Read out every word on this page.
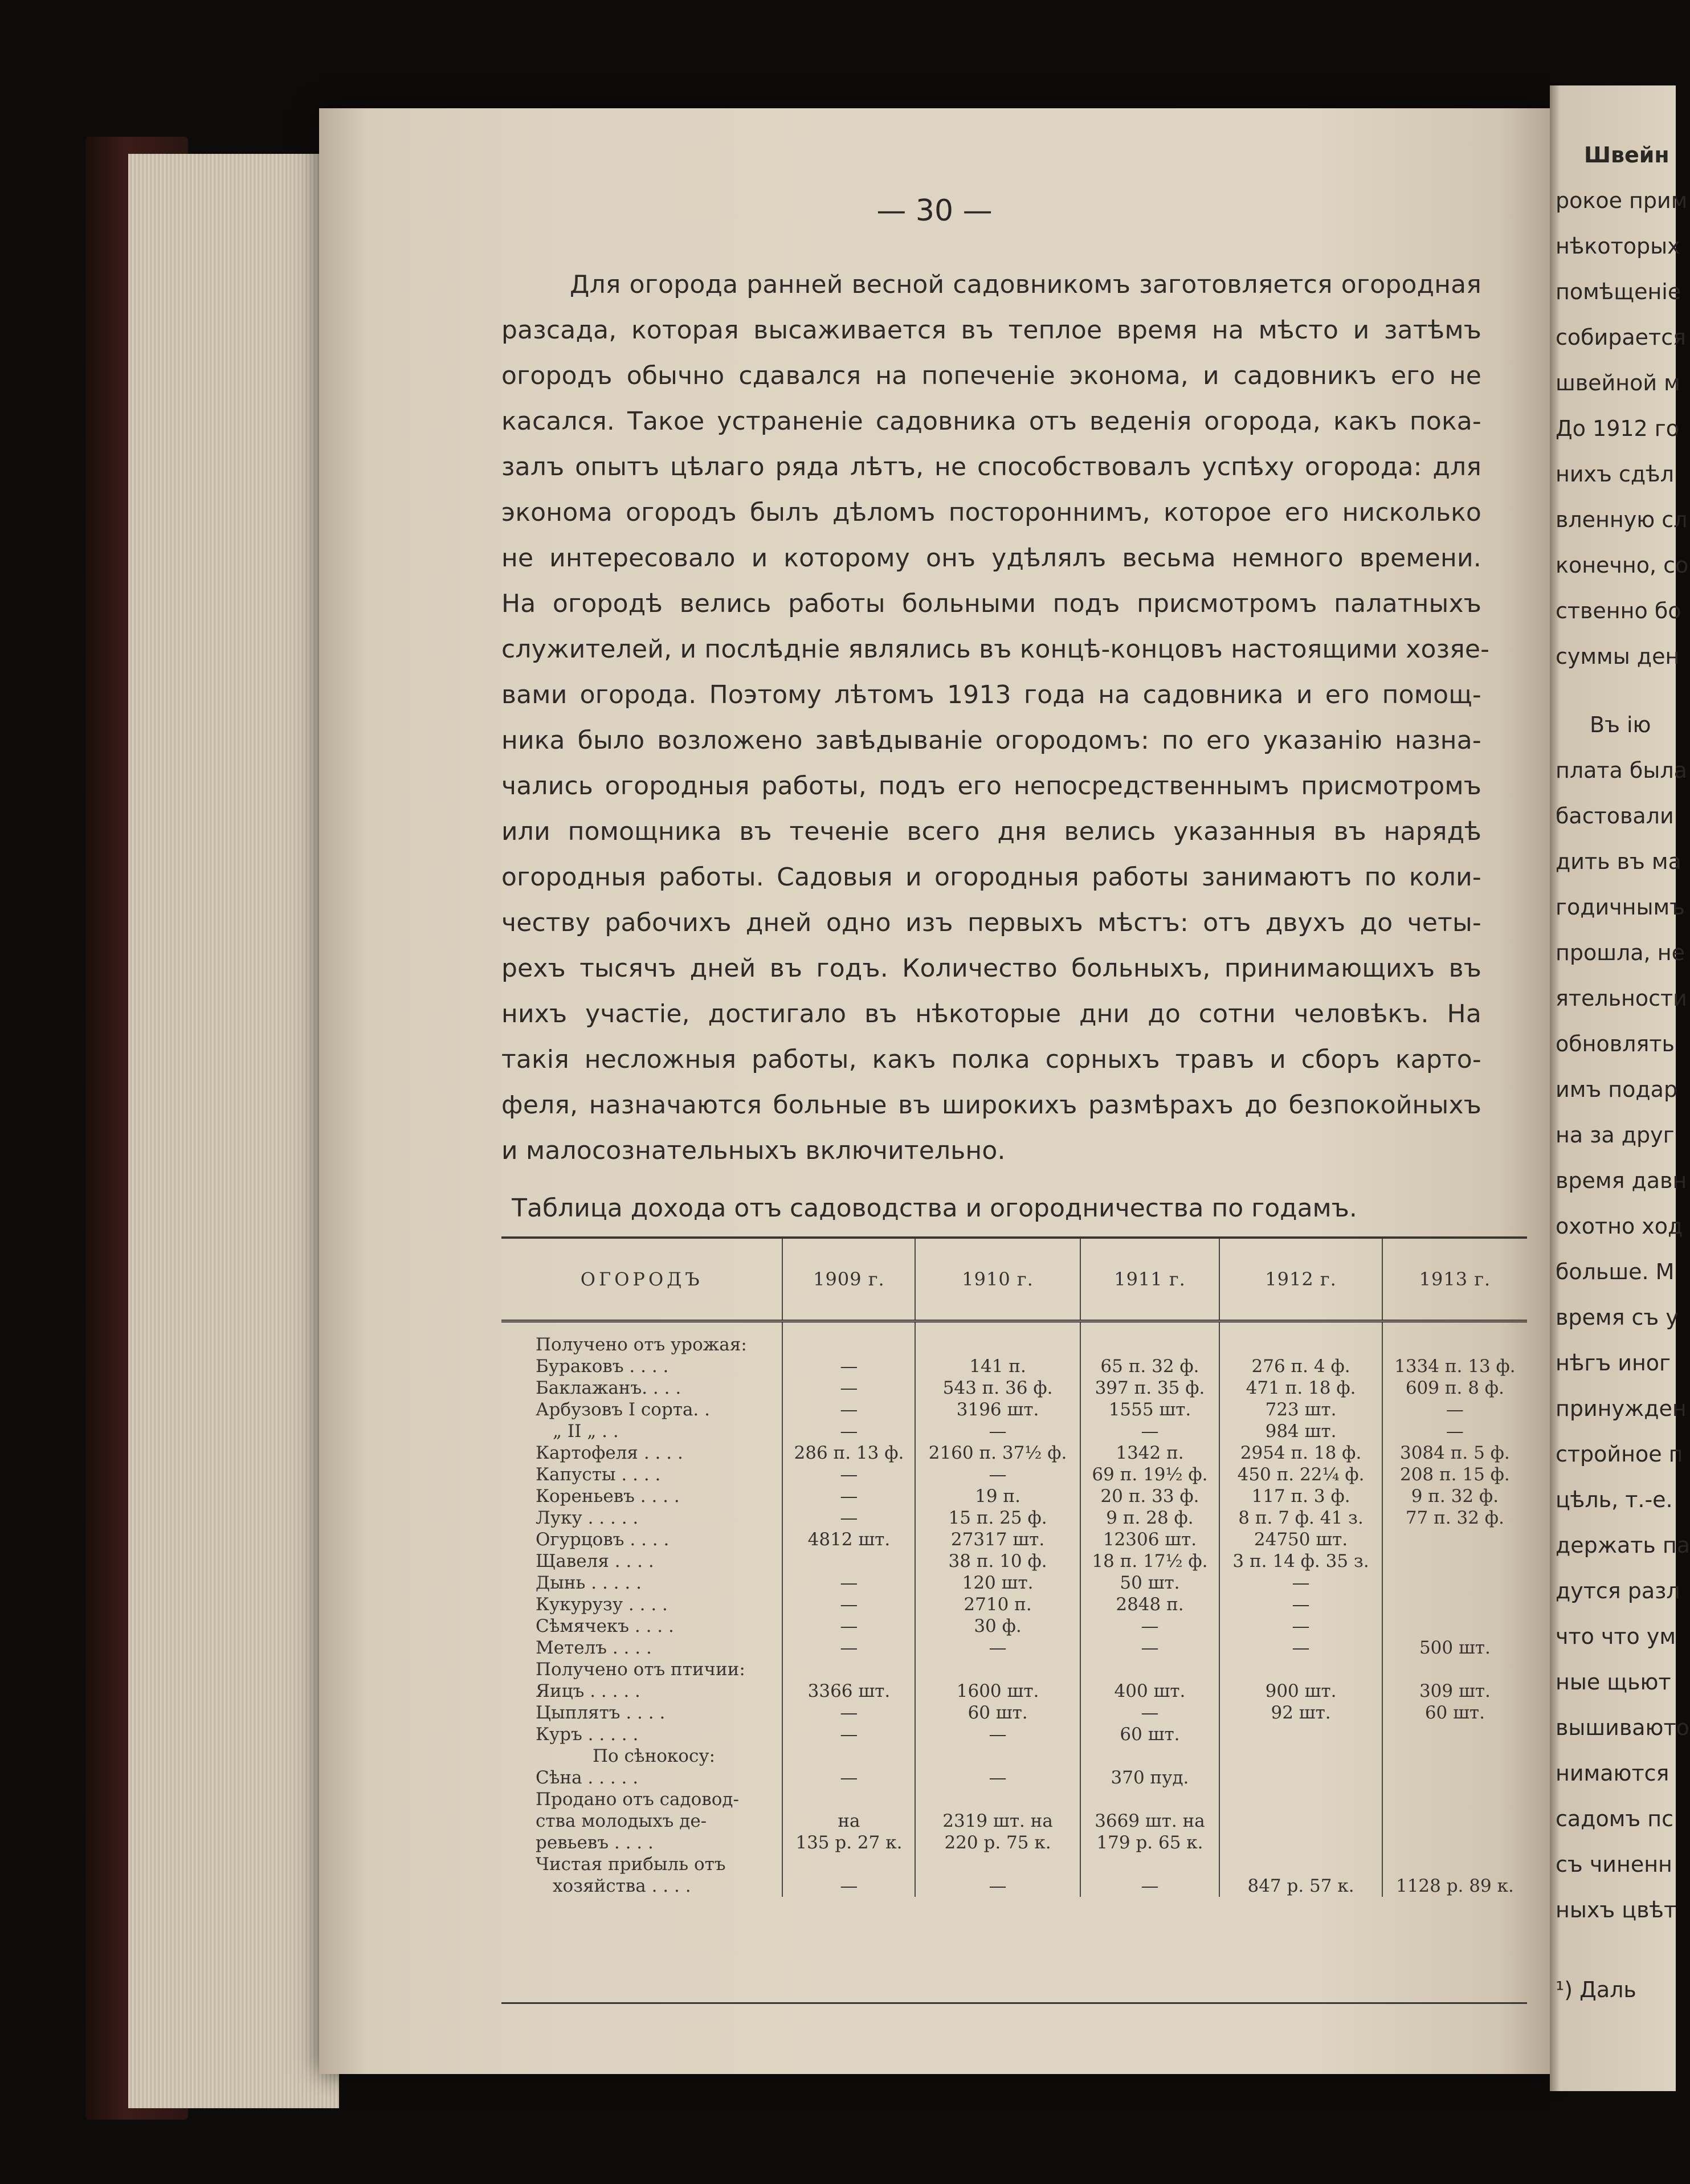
— 30 —
Для огорода ранней весной садовникомъ заготовляется огородная
разсада, которая высаживается въ теплое время на мѣсто и затѣмъ
огородъ обычно сдавался на попеченіе эконома, и садовникъ его не
касался. Такое устраненіе садовника отъ веденія огорода, какъ пока-
залъ опытъ цѣлаго ряда лѣтъ, не способствовалъ успѣху огорода: для
эконома огородъ былъ дѣломъ постороннимъ, которое его нисколько
не интересовало и которому онъ удѣлялъ весьма немного времени.
На огородѣ велись работы больными подъ присмотромъ палатныхъ
служителей, и послѣдніе являлись въ концѣ-концовъ настоящими хозяе-
вами огорода. Поэтому лѣтомъ 1913 года на садовника и его помощ-
ника было возложено завѣдываніе огородомъ: по его указанію назна-
чались огородныя работы, подъ его непосредственнымъ присмотромъ
или помощника въ теченіе всего дня велись указанныя въ нарядѣ
огородныя работы. Садовыя и огородныя работы занимаютъ по коли-
честву рабочихъ дней одно изъ первыхъ мѣстъ: отъ двухъ до четы-
рехъ тысячъ дней въ годъ. Количество больныхъ, принимающихъ въ
нихъ участіе, достигало въ нѣкоторые дни до сотни человѣкъ. На
такія несложныя работы, какъ полка сорныхъ травъ и сборъ карто-
феля, назначаются больные въ широкихъ размѣрахъ до безпокойныхъ
и малосознательныхъ включительно.
Таблица дохода отъ садоводства и огородничества по годамъ.
ОГОРОДЪ	1909 г.	1910 г.	1911 г.	1912 г.	1913 г.

Получено отъ урожая:					
Бураковъ . . . .	—	141 п.	65 п. 32 ф.	276 п. 4 ф.	1334 п. 13 ф.
Баклажанъ. . . .	—	543 п. 36 ф.	397 п. 35 ф.	471 п. 18 ф.	609 п. 8 ф.
Арбузовъ I сорта. .	—	3196 шт.	1555 шт.	723 шт.	—
„ II „ . .	—	—	—	984 шт.	—
Картофеля . . . .	286 п. 13 ф.	2160 п. 37½ ф.	1342 п.	2954 п. 18 ф.	3084 п. 5 ф.
Капусты . . . .	—	—	69 п. 19½ ф.	450 п. 22¼ ф.	208 п. 15 ф.
Кореньевъ . . . .	—	19 п.	20 п. 33 ф.	117 п. 3 ф.	9 п. 32 ф.
Луку . . . . .	—	15 п. 25 ф.	9 п. 28 ф.	8 п. 7 ф. 41 з.	77 п. 32 ф.
Огурцовъ . . . .	4812 шт.	27317 шт.	12306 шт.	24750 шт.	
Щавеля . . . .		38 п. 10 ф.	18 п. 17½ ф.	3 п. 14 ф. 35 з.	
Дынь . . . . .	—	120 шт.	50 шт.	—	
Кукурузу . . . .	—	2710 п.	2848 п.	—	
Сѣмячекъ . . . .	—	30 ф.	—	—	
Метелъ . . . .	—	—	—	—	500 шт.
Получено отъ птичии:					
Яицъ . . . . .	3366 шт.	1600 шт.	400 шт.	900 шт.	309 шт.
Цыплятъ . . . .	—	60 шт.	—	92 шт.	60 шт.
Куръ . . . . .	—	—	60 шт.		
По сѣнокосу:					
Сѣна . . . . .	—	—	370 пуд.		
Продано отъ садовод-					
ства молодыхъ де-	на	2319 шт. на	3669 шт. на		
ревьевъ . . . .	135 р. 27 к.	220 р. 75 к.	179 р. 65 к.		
Чистая прибыль отъ					
хозяйства . . . .	—	—	—	847 р. 57 к.	1128 р. 89 к.
Швейн
рокое прим
нѣкоторых
помѣщеніе
собирается
швейной м
До 1912 го
нихъ сдѣл
вленную сл
конечно, со
ственно бо
суммы ден
Въ ію
плата была
бастовали
дить въ ма
годичнымъ
прошла, не
ятельности
обновлять
имъ подар
на за друг
время давн
охотно ход
больше. М
время съ у
нѣгъ иног
принужден
стройное п
цѣль, т.-е.
держать па
дутся разл
что что ум
ные щьют
вышиваюто
нимаются
садомъ пс
съ чиненн
ныхъ цвѣт
¹) Даль
